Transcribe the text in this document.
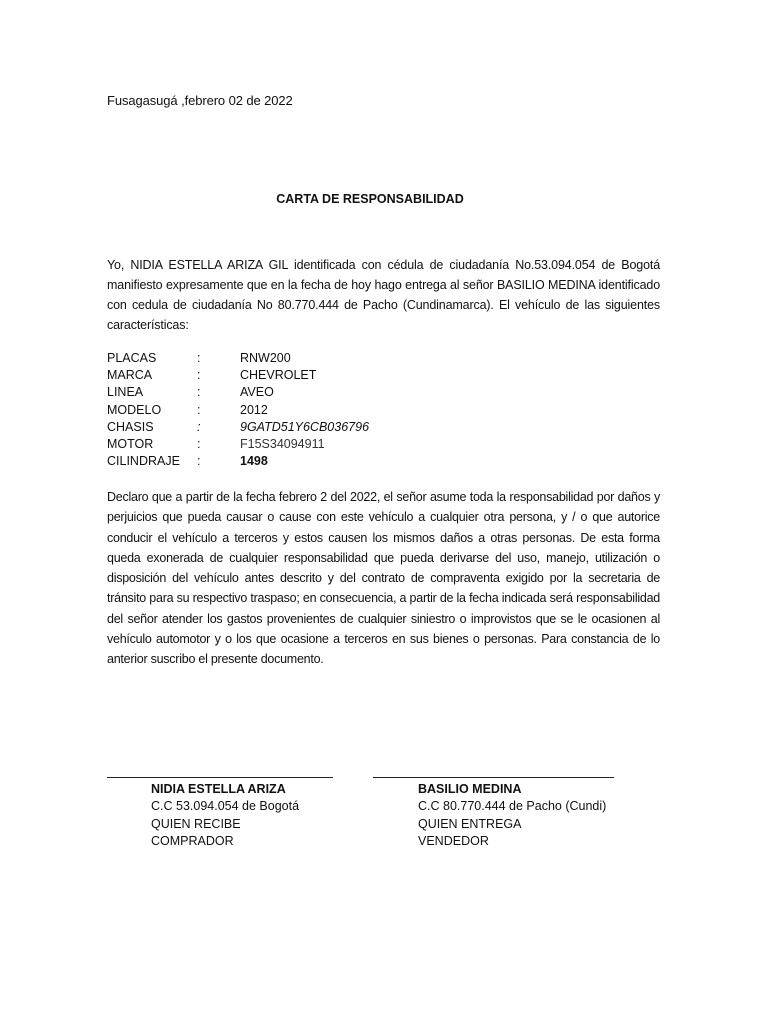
Fusagasugá ,febrero 02 de 2022
CARTA DE RESPONSABILIDAD
Yo, NIDIA ESTELLA ARIZA GIL identificada con cédula de ciudadanía No.53.094.054 de Bogotá manifiesto expresamente que en la fecha de hoy hago entrega al señor BASILIO MEDINA identificado con cedula de ciudadanía No 80.770.444 de Pacho (Cundinamarca). El vehículo de las siguientes características:
PLACAS	:	RNW200
MARCA	:	CHEVROLET
LINEA	:	AVEO
MODELO	:	2012
CHASIS	:	9GATD51Y6CB036796
MOTOR	:	F15S34094911
CILINDRAJE	:	1498
Declaro que a partir de la fecha febrero 2 del 2022, el señor asume toda la responsabilidad por daños y perjuicios que pueda causar o cause con este vehículo a cualquier otra persona, y / o que autorice conducir el vehículo a terceros y estos causen los mismos daños a otras personas. De esta forma queda exonerada de cualquier responsabilidad que pueda derivarse del uso, manejo, utilización o disposición del vehículo antes descrito y del contrato de compraventa exigido por la secretaria de tránsito para su respectivo traspaso; en consecuencia, a partir de la fecha indicada será responsabilidad del señor atender los gastos provenientes de cualquier siniestro o improvistos que se le ocasionen al vehículo automotor y o los que ocasione a terceros en sus bienes o personas. Para constancia de lo anterior suscribo el presente documento.
NIDIA ESTELLA ARIZA
C.C 53.094.054 de Bogotá
QUIEN RECIBE
COMPRADOR
BASILIO MEDINA
C.C 80.770.444 de Pacho (Cundi)
QUIEN ENTREGA
VENDEDOR
